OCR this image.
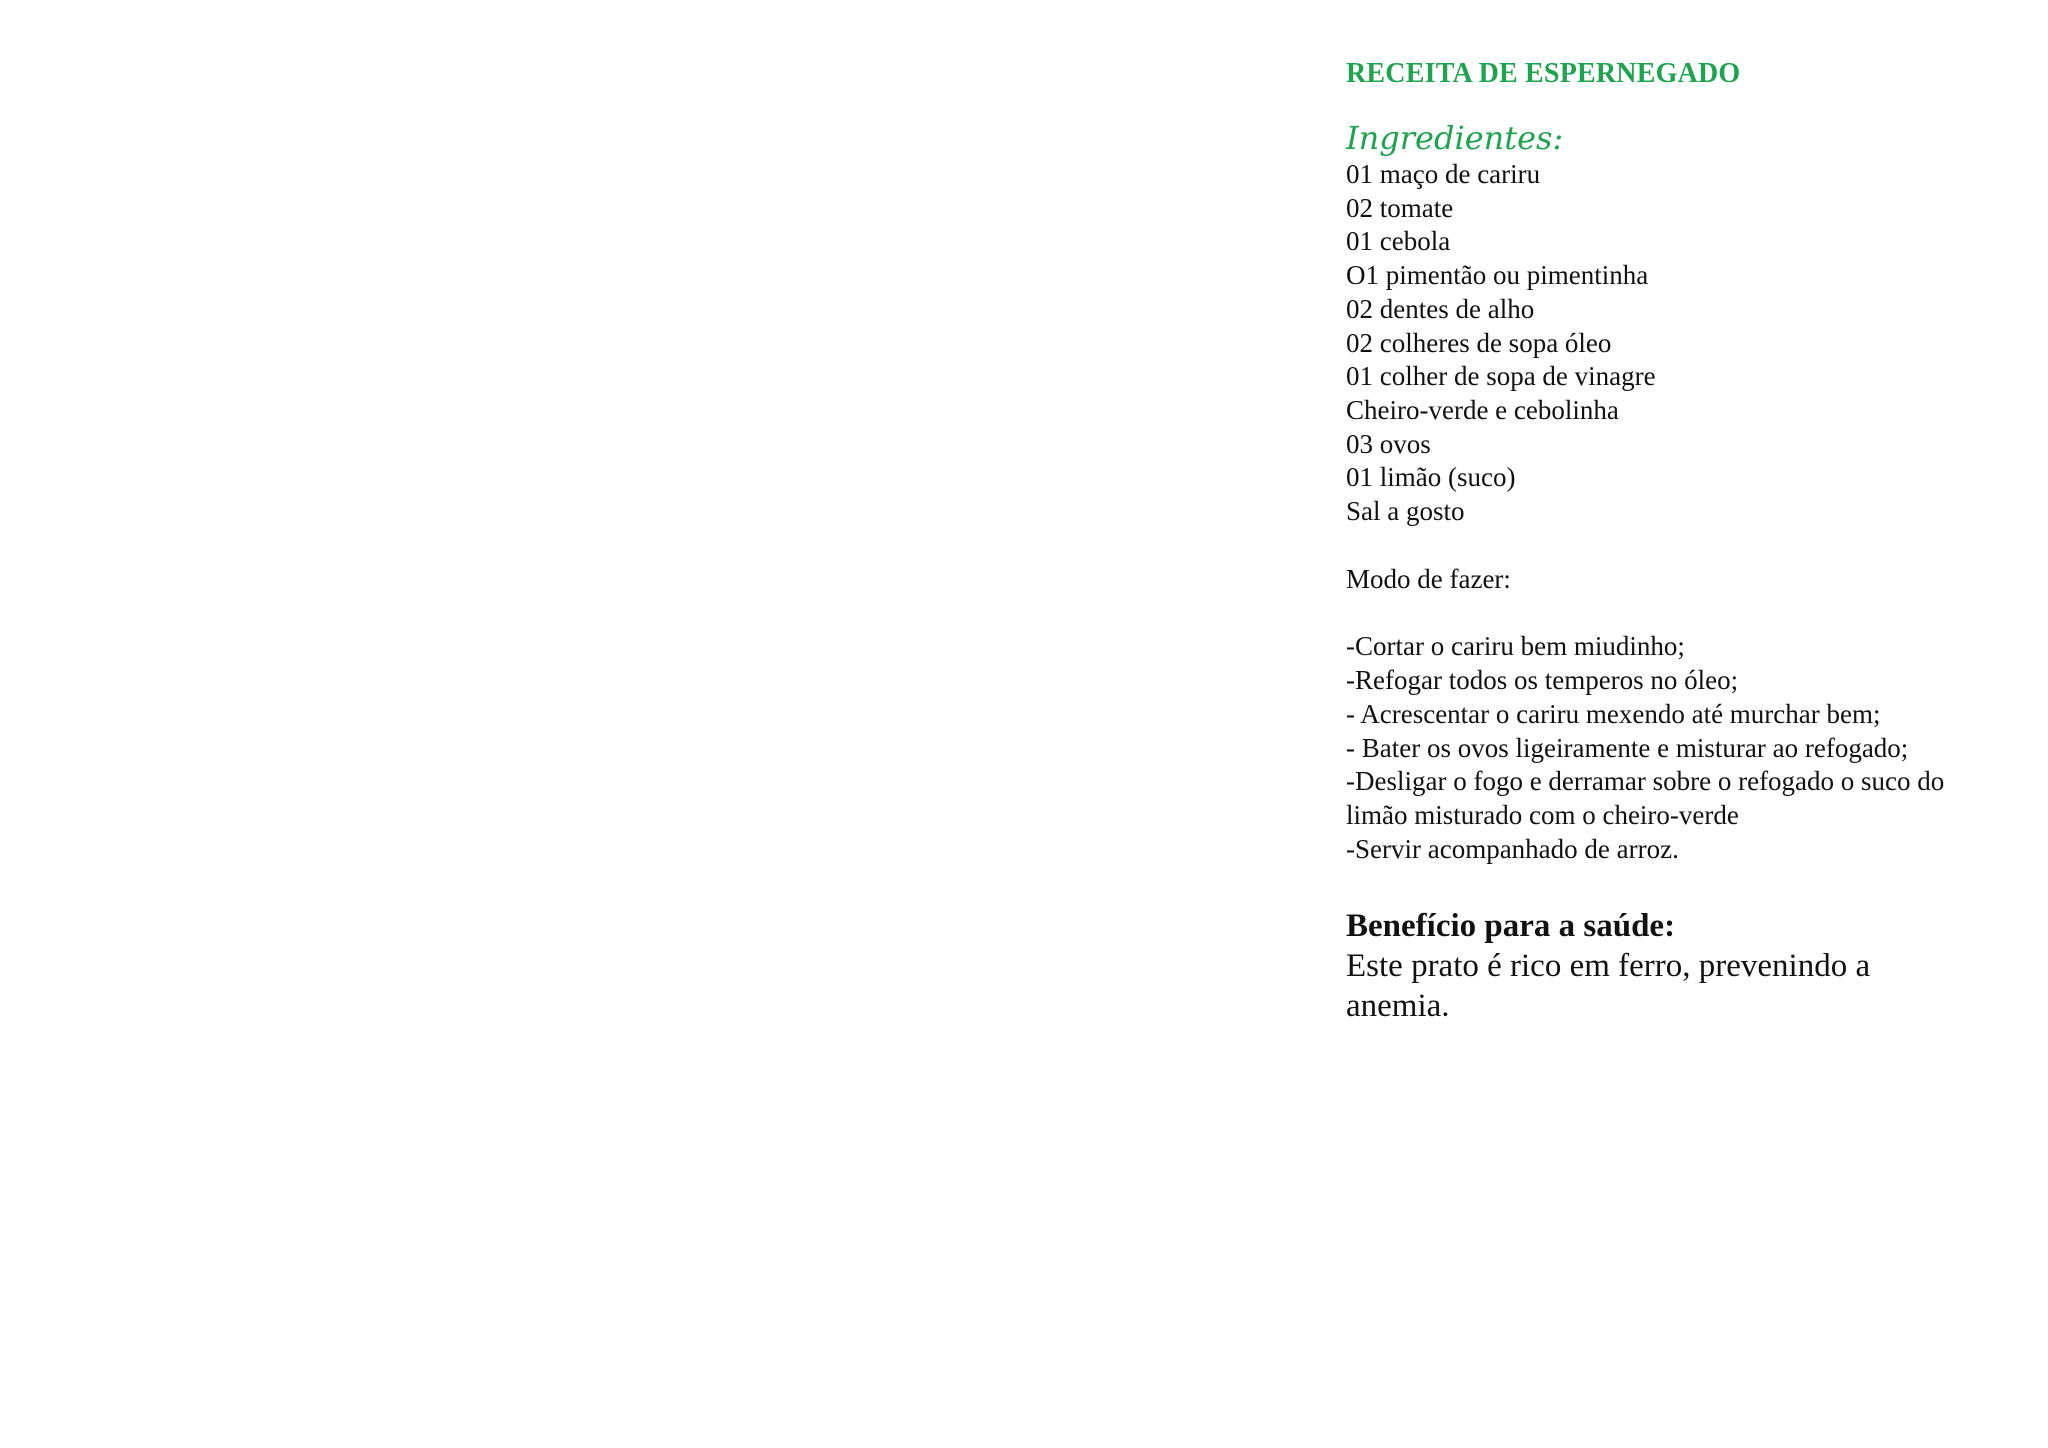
RECEITA DE ESPERNEGADO
Ingredientes:
01 maço de cariru
02 tomate
01 cebola
O1 pimentão ou pimentinha
02 dentes de alho
02 colheres de sopa óleo
01 colher de sopa de vinagre
Cheiro-verde e cebolinha
03 ovos
01 limão (suco)
Sal a gosto
Modo de fazer:
-Cortar o cariru bem miudinho;
-Refogar todos os temperos no óleo;
- Acrescentar o cariru mexendo até murchar bem;
- Bater os ovos ligeiramente e misturar ao refogado;
-Desligar o fogo e derramar sobre o refogado o suco do limão misturado com o cheiro-verde
-Servir acompanhado de arroz.
Benefício para a saúde:
Este prato é rico em ferro, prevenindo a anemia.
